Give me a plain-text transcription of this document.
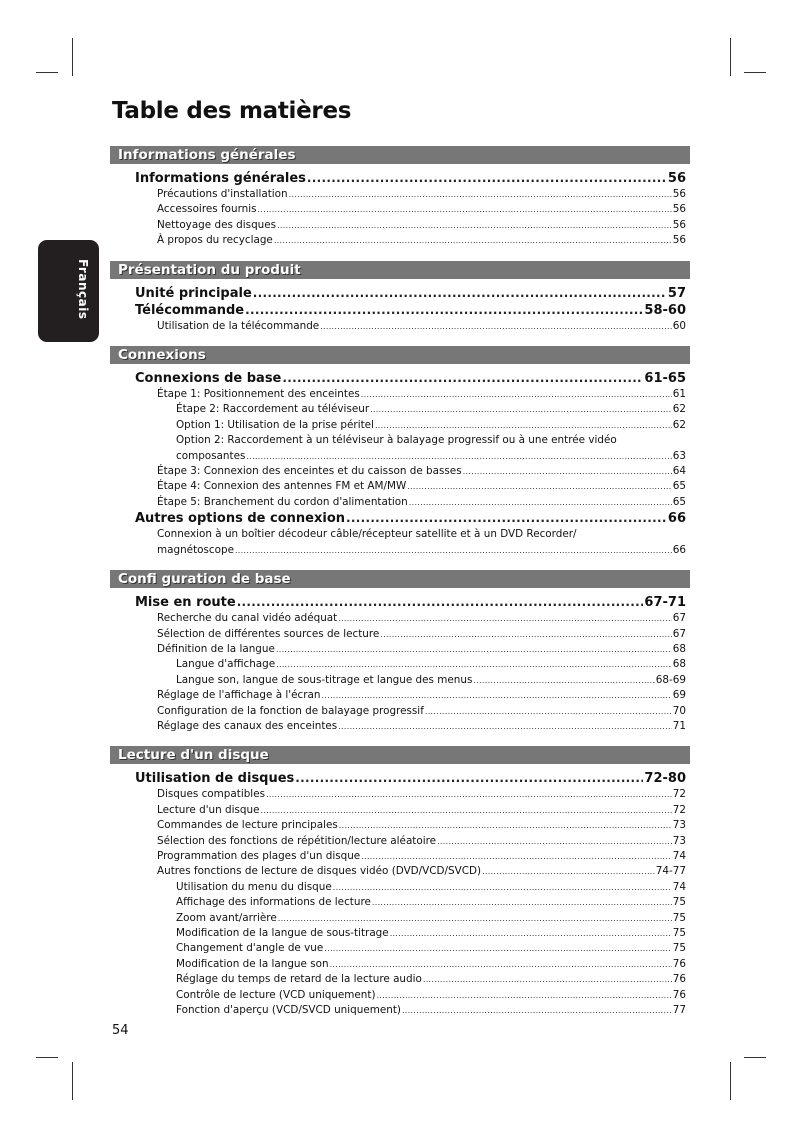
Table des matières
Français
Informations générales
Informations générales .....	56
Précautions d'installation .....	56
Accessoires fournis .....	56
Nettoyage des disques .....	56
À propos du recyclage .....	56
Présentation du produit
Unité principale .....	57
Télécommande .....	58-60
Utilisation de la télécommande .....	60
Connexions
Connexions de base .....	61-65
Étape 1: Positionnement des enceintes .....	61
Étape 2: Raccordement au téléviseur .....	62
Option 1: Utilisation de la prise péritel .....	62
Option 2: Raccordement à un téléviseur à balayage progressif ou à une entrée vidéo
composantes .....	63
Étape 3: Connexion des enceintes et du caisson de basses .....	64
Étape 4: Connexion des antennes FM et AM/MW .....	65
Étape 5: Branchement du cordon d'alimentation .....	65
Autres options de connexion .....	66
Connexion à un boîtier décodeur câble/récepteur satellite et à un DVD Recorder/
magnétoscope .....	66
Confi guration de base
Mise en route .....	67-71
Recherche du canal vidéo adéquat .....	67
Sélection de différentes sources de lecture .....	67
Définition de la langue .....	68
Langue d'affichage .....	68
Langue son, langue de sous-titrage et langue des menus .....	68-69
Réglage de l'affichage à l'écran .....	69
Configuration de la fonction de balayage progressif .....	70
Réglage des canaux des enceintes .....	71
Lecture d'un disque
Utilisation de disques .....	72-80
Disques compatibles .....	72
Lecture d'un disque .....	72
Commandes de lecture principales .....	73
Sélection des fonctions de répétition/lecture aléatoire .....	73
Programmation des plages d'un disque .....	74
Autres fonctions de lecture de disques vidéo (DVD/VCD/SVCD) .....	74-77
Utilisation du menu du disque .....	74
Affichage des informations de lecture .....	75
Zoom avant/arrière .....	75
Modification de la langue de sous-titrage .....	75
Changement d'angle de vue .....	75
Modification de la langue son .....	76
Réglage du temps de retard de la lecture audio .....	76
Contrôle de lecture (VCD uniquement) .....	76
Fonction d'aperçu (VCD/SVCD uniquement) .....	77
54
